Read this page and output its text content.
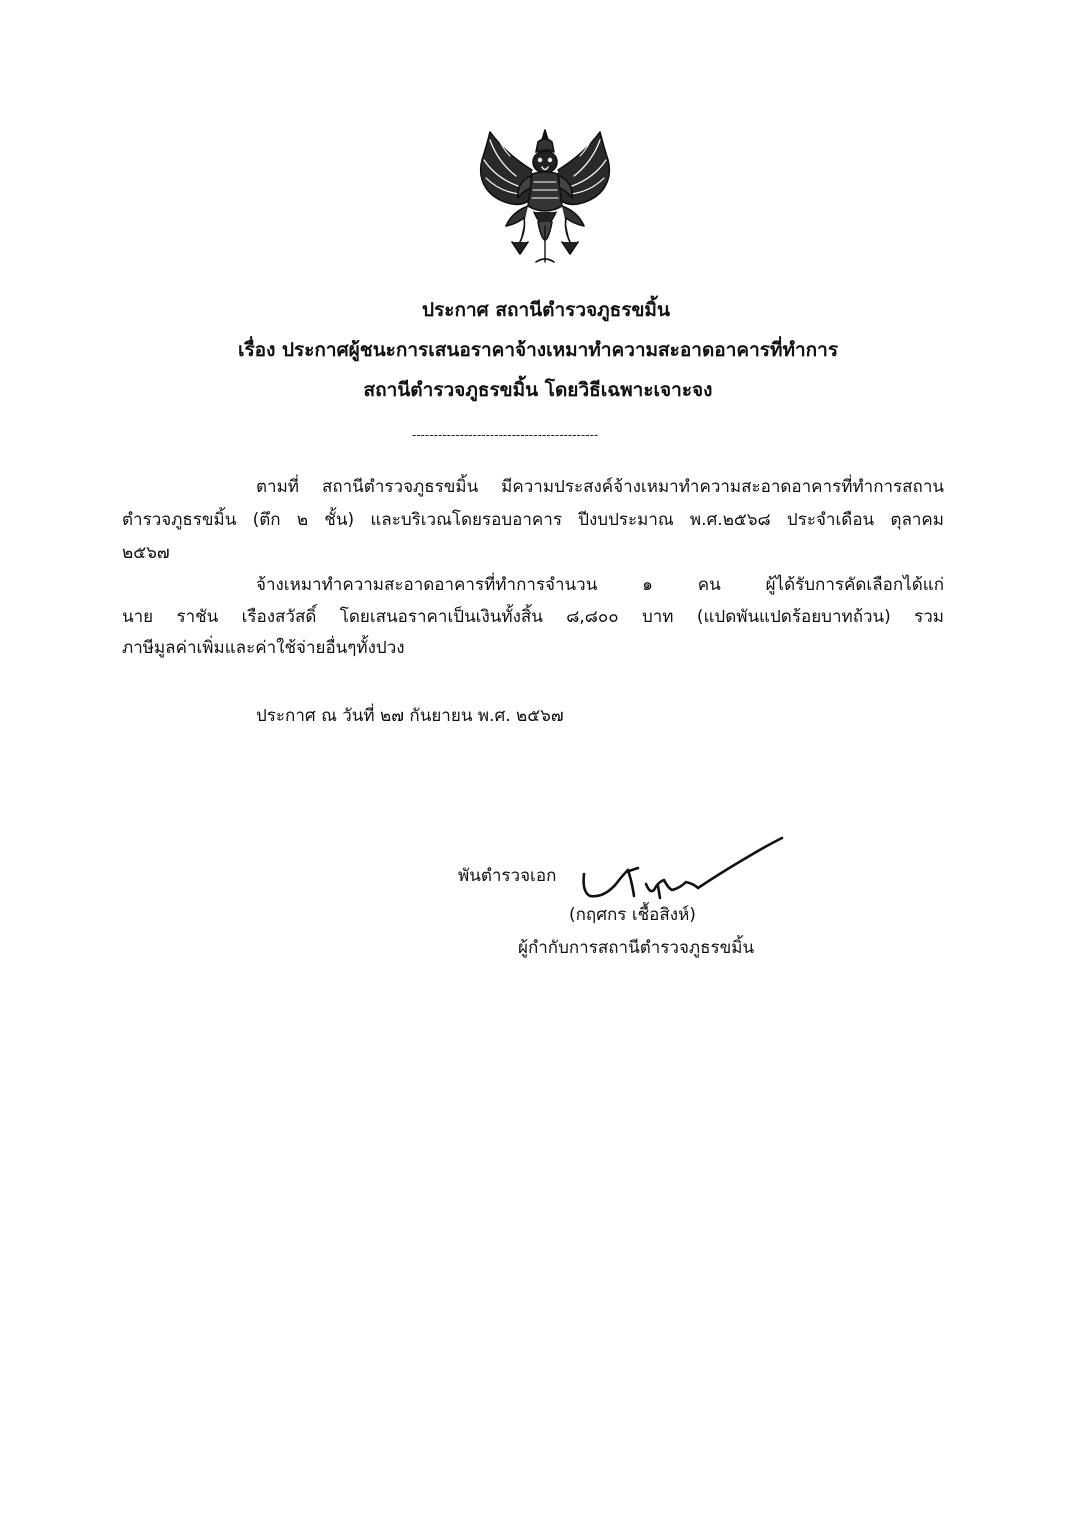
ประกาศ สถานีตำรวจภูธรขมิ้น
เรื่อง ประกาศผู้ชนะการเสนอราคาจ้างเหมาทำความสะอาดอาคารที่ทำการ
สถานีตำรวจภูธรขมิ้น โดยวิธีเฉพาะเจาะจง
-------------------------------------------
ตามที่ สถานีตำรวจภูธรขมิ้น มีความประสงค์จ้างเหมาทำความสะอาดอาคารที่ทำการสถาน
ตำรวจภูธรขมิ้น (ตึก ๒ ชั้น) และบริเวณโดยรอบอาคาร ปีงบประมาณ พ.ศ.๒๕๖๘ ประจำเดือน ตุลาคม
๒๕๖๗
จ้างเหมาทำความสะอาดอาคารที่ทำการจำนวน ๑ คน ผู้ได้รับการคัดเลือกได้แก่
นาย ราชัน เรืองสวัสดิ์ โดยเสนอราคาเป็นเงินทั้งสิ้น ๘,๘๐๐ บาท (แปดพันแปดร้อยบาทถ้วน) รวม
ภาษีมูลค่าเพิ่มและค่าใช้จ่ายอื่นๆทั้งปวง
ประกาศ ณ วันที่ ๒๗ กันยายน พ.ศ. ๒๕๖๗
พันตำรวจเอก
(กฤศกร เชื้อสิงห์)
ผู้กำกับการสถานีตำรวจภูธรขมิ้น
